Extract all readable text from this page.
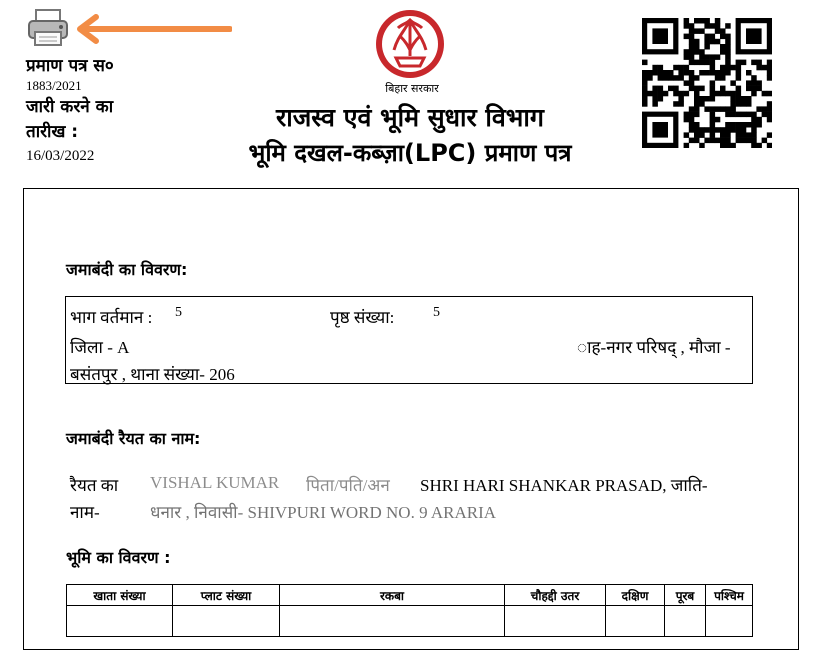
प्रमाण पत्र स०
1883/2021
जारी करने का
तारीख :
16/03/2022
बिहार सरकार
राजस्व एवं भूमि सुधार विभाग
भूमि दखल-कब्ज़ा(LPC) प्रमाण पत्र
जमाबंदी का विवरण:
भाग वर्तमान : 5	पृष्ठ संख्या:	5
जिला - A	ाह-नगर परिषद् , मौजा -
बसंतपुर , थाना संख्या- 206
जमाबंदी रैयत का नाम:
रैयत का VISHAL KUMAR पिता/पति/अन SHRI HARI SHANKAR PRASAD, जाति-
नाम-	धनार , निवासी- SHIVPURI WORD NO. 9 ARARIA
भूमि का विवरण :
खाता संख्या	प्लाट संख्या	रकबा	चौहद्दी उतर	दक्षिण	पूरब	पश्चिम
